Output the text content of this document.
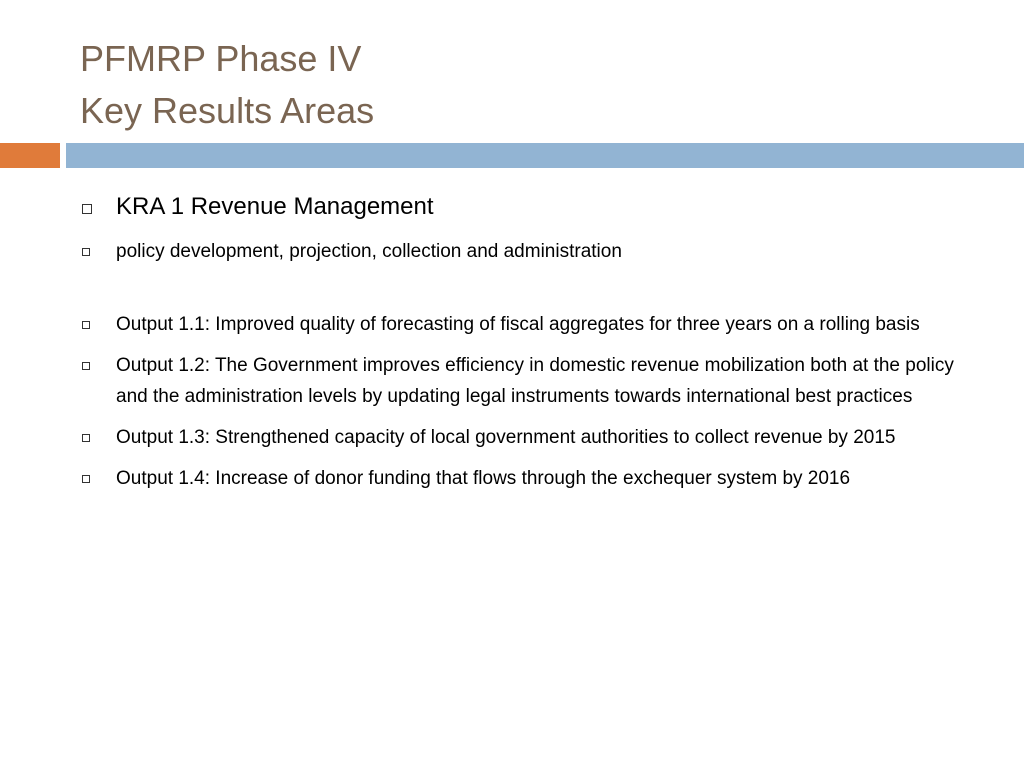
PFMRP Phase IV
Key Results Areas
KRA 1 Revenue Management
policy development, projection, collection and administration
Output 1.1: Improved quality of forecasting of fiscal aggregates for three years on a rolling basis
Output 1.2: The Government improves efficiency in domestic revenue mobilization both at the policy and the administration levels by updating legal instruments towards international best practices
Output 1.3: Strengthened capacity of local government authorities to collect revenue by 2015
Output 1.4: Increase of donor funding that flows through the exchequer system by 2016
